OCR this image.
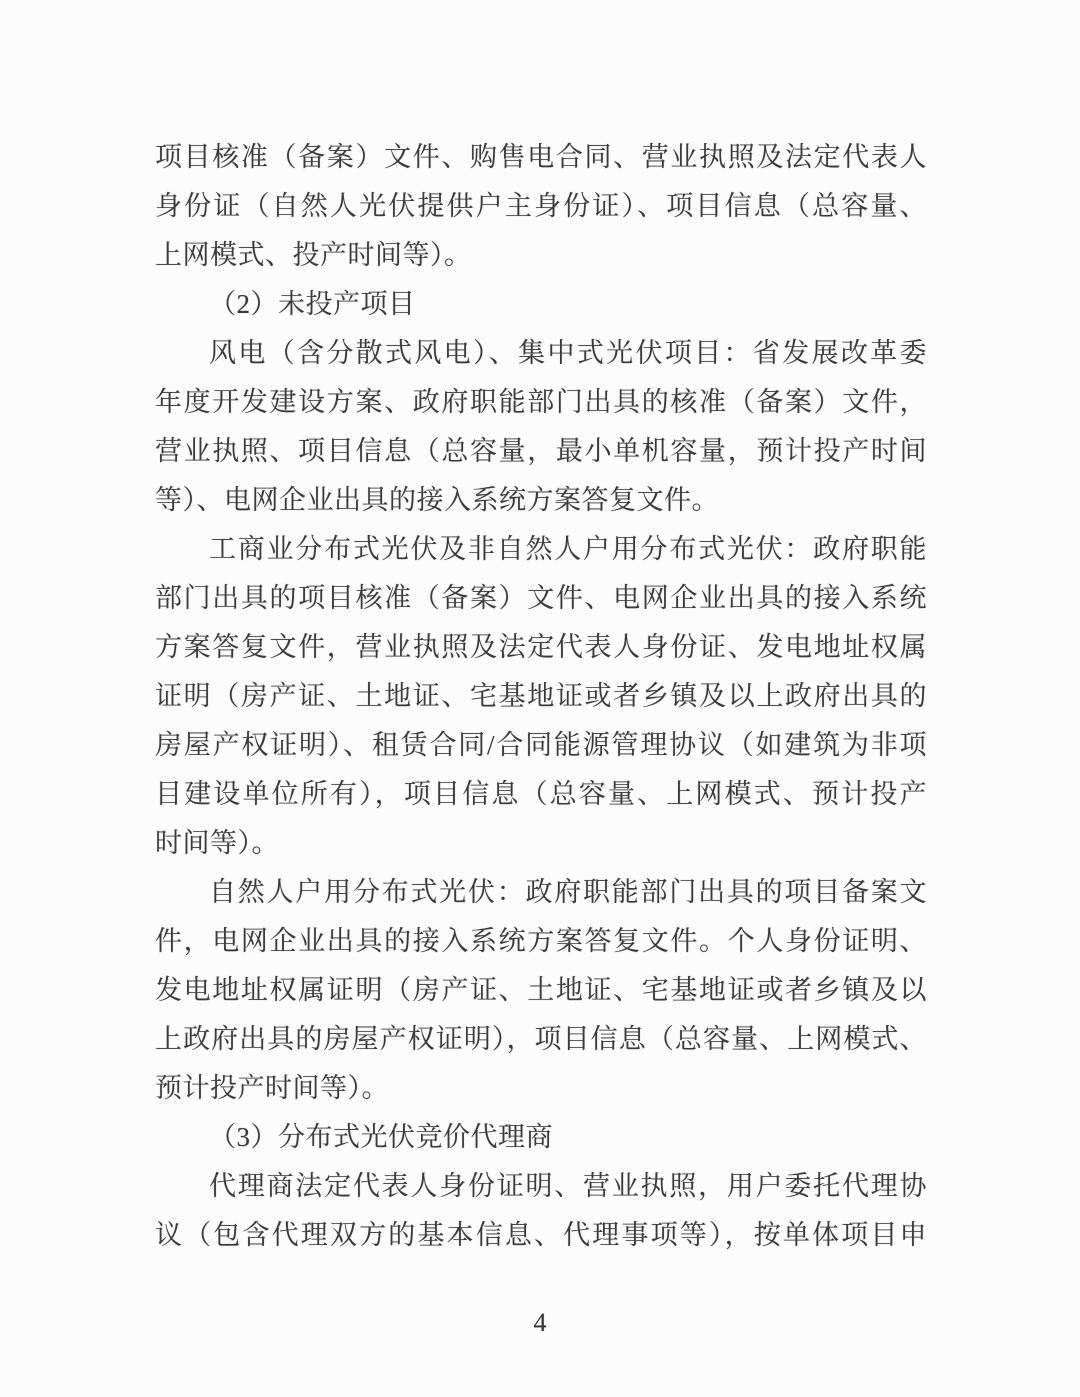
项目核准（备案）文件、购售电合同、营业执照及法定代表人
身份证（自然人光伏提供户主身份证）、项目信息（总容量、
上网模式、投产时间等）。
（2）未投产项目
风电（含分散式风电）、集中式光伏项目：省发展改革委
年度开发建设方案、政府职能部门出具的核准（备案）文件，
营业执照、项目信息（总容量，最小单机容量，预计投产时间
等）、电网企业出具的接入系统方案答复文件。
工商业分布式光伏及非自然人户用分布式光伏：政府职能
部门出具的项目核准（备案）文件、电网企业出具的接入系统
方案答复文件，营业执照及法定代表人身份证、发电地址权属
证明（房产证、土地证、宅基地证或者乡镇及以上政府出具的
房屋产权证明）、租赁合同/合同能源管理协议（如建筑为非项
目建设单位所有），项目信息（总容量、上网模式、预计投产
时间等）。
自然人户用分布式光伏：政府职能部门出具的项目备案文
件，电网企业出具的接入系统方案答复文件。个人身份证明、
发电地址权属证明（房产证、土地证、宅基地证或者乡镇及以
上政府出具的房屋产权证明），项目信息（总容量、上网模式、
预计投产时间等）。
（3）分布式光伏竞价代理商
代理商法定代表人身份证明、营业执照，用户委托代理协
议（包含代理双方的基本信息、代理事项等），按单体项目申
4
